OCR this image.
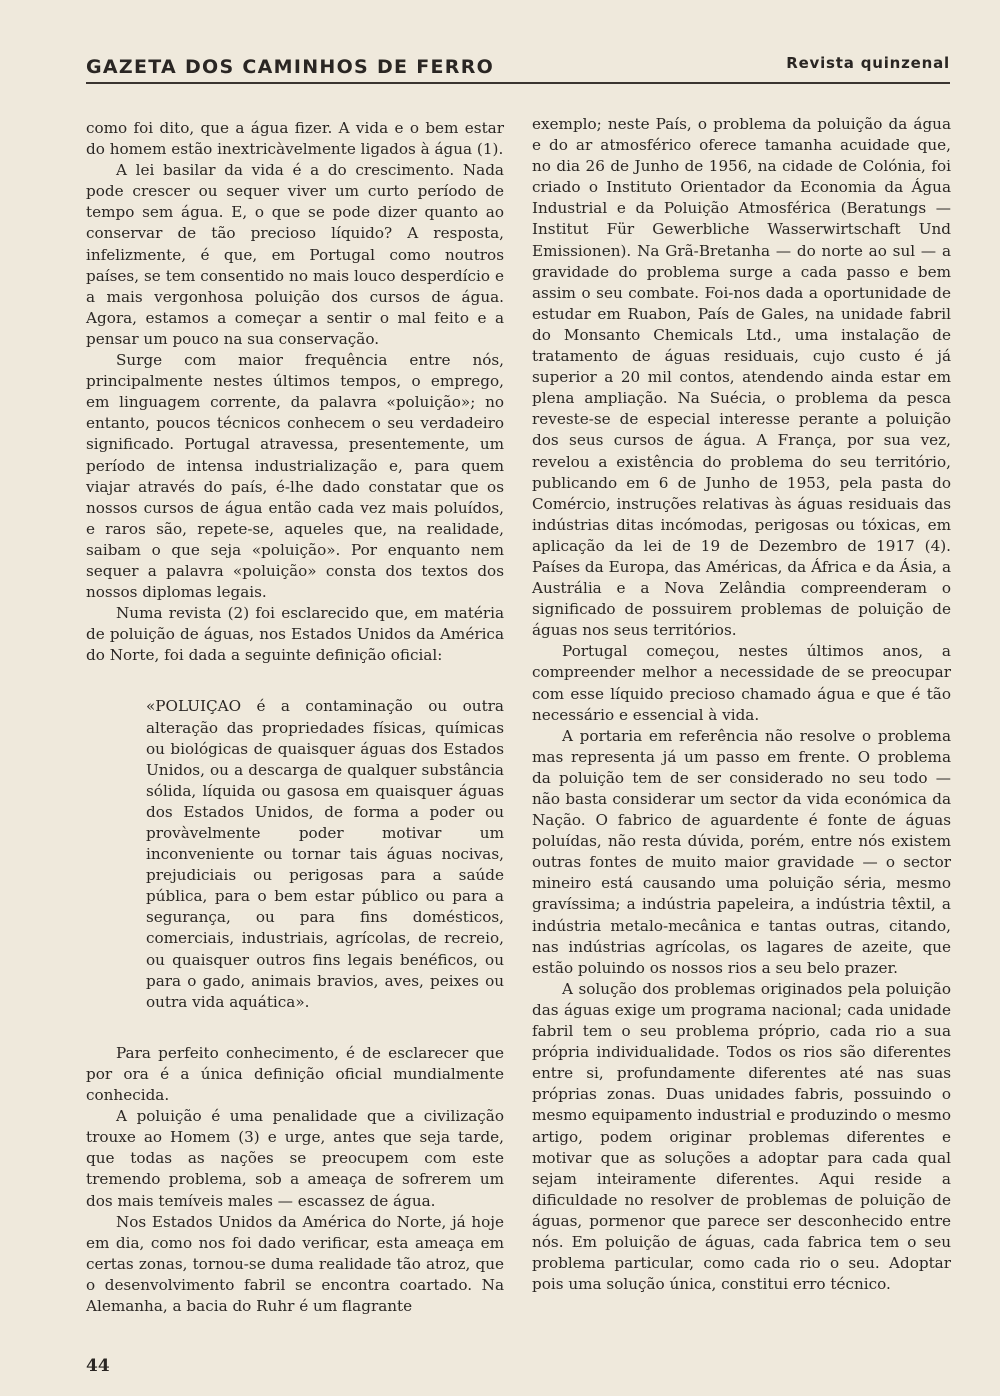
GAZETA DOS CAMINHOS DE FERRO	Revista quinzenal

como foi dito, que a água fizer. A vida e o bem estar do homem estão inextricàvelmente ligados à água (1).

A lei basilar da vida é a do crescimento. Nada pode crescer ou sequer viver um curto período de tempo sem água. E, o que se pode dizer quanto ao conservar de tão precioso líquido? A resposta, infelizmente, é que, em Portugal como noutros países, se tem consentido no mais louco desperdício e a mais vergonhosa poluição dos cursos de água. Agora, estamos a começar a sentir o mal feito e a pensar um pouco na sua conservação.

Surge com maior frequência entre nós, principalmente nestes últimos tempos, o emprego, em linguagem corrente, da palavra «poluição»; no entanto, poucos técnicos conhecem o seu verdadeiro significado. Portugal atravessa, presentemente, um período de intensa industrialização e, para quem viajar através do país, é-lhe dado constatar que os nossos cursos de água então cada vez mais poluídos, e raros são, repete-se, aqueles que, na realidade, saibam o que seja «poluição». Por enquanto nem sequer a palavra «poluição» consta dos textos dos nossos diplomas legais.

Numa revista (2) foi esclarecido que, em matéria de poluição de águas, nos Estados Unidos da América do Norte, foi dada a seguinte definição oficial:

«POLUIÇAO é a contaminação ou outra alteração das propriedades físicas, químicas ou biológicas de quaisquer águas dos Estados Unidos, ou a descarga de qualquer substância sólida, líquida ou gasosa em quaisquer águas dos Estados Unidos, de forma a poder ou provàvelmente poder motivar um inconveniente ou tornar tais águas nocivas, prejudiciais ou perigosas para a saúde pública, para o bem estar público ou para a segurança, ou para fins domésticos, comerciais, industriais, agrícolas, de recreio, ou quaisquer outros fins legais benéficos, ou para o gado, animais bravios, aves, peixes ou outra vida aquática».

Para perfeito conhecimento, é de esclarecer que por ora é a única definição oficial mundialmente conhecida.

A poluição é uma penalidade que a civilização trouxe ao Homem (3) e urge, antes que seja tarde, que todas as nações se preocupem com este tremendo problema, sob a ameaça de sofrerem um dos mais temíveis males — escassez de água.

Nos Estados Unidos da América do Norte, já hoje em dia, como nos foi dado verificar, esta ameaça em certas zonas, tornou-se duma realidade tão atroz, que o desenvolvimento fabril se encontra coartado. Na Alemanha, a bacia do Ruhr é um flagrante

exemplo; neste País, o problema da poluição da água e do ar atmosférico oferece tamanha acuidade que, no dia 26 de Junho de 1956, na cidade de Colónia, foi criado o Instituto Orientador da Economia da Água Industrial e da Poluição Atmosférica (Beratungs — Institut Für Gewerbliche Wasserwirtschaft Und Emissionen). Na Grã-Bretanha — do norte ao sul — a gravidade do problema surge a cada passo e bem assim o seu combate. Foi-nos dada a oportunidade de estudar em Ruabon, País de Gales, na unidade fabril do Monsanto Chemicals Ltd., uma instalação de tratamento de águas residuais, cujo custo é já superior a 20 mil contos, atendendo ainda estar em plena ampliação. Na Suécia, o problema da pesca reveste-se de especial interesse perante a poluição dos seus cursos de água. A França, por sua vez, revelou a existência do problema do seu território, publicando em 6 de Junho de 1953, pela pasta do Comércio, instruções relativas às águas residuais das indústrias ditas incómodas, perigosas ou tóxicas, em aplicação da lei de 19 de Dezembro de 1917 (4). Países da Europa, das Américas, da África e da Ásia, a Austrália e a Nova Zelândia compreenderam o significado de possuirem problemas de poluição de águas nos seus territórios.

Portugal começou, nestes últimos anos, a compreender melhor a necessidade de se preocupar com esse líquido precioso chamado água e que é tão necessário e essencial à vida.

A portaria em referência não resolve o problema mas representa já um passo em frente. O problema da poluição tem de ser considerado no seu todo — não basta considerar um sector da vida económica da Nação. O fabrico de aguardente é fonte de águas poluídas, não resta dúvida, porém, entre nós existem outras fontes de muito maior gravidade — o sector mineiro está causando uma poluição séria, mesmo gravíssima; a indústria papeleira, a indústria têxtil, a indústria metalo-mecânica e tantas outras, citando, nas indústrias agrícolas, os lagares de azeite, que estão poluindo os nossos rios a seu belo prazer.

A solução dos problemas originados pela poluição das águas exige um programa nacional; cada unidade fabril tem o seu problema próprio, cada rio a sua própria individualidade. Todos os rios são diferentes entre si, profundamente diferentes até nas suas próprias zonas. Duas unidades fabris, possuindo o mesmo equipamento industrial e produzindo o mesmo artigo, podem originar problemas diferentes e motivar que as soluções a adoptar para cada qual sejam inteiramente diferentes. Aqui reside a dificuldade no resolver de problemas de poluição de águas, pormenor que parece ser desconhecido entre nós. Em poluição de águas, cada fabrica tem o seu problema particular, como cada rio o seu. Adoptar pois uma solução única, constitui erro técnico.

44
